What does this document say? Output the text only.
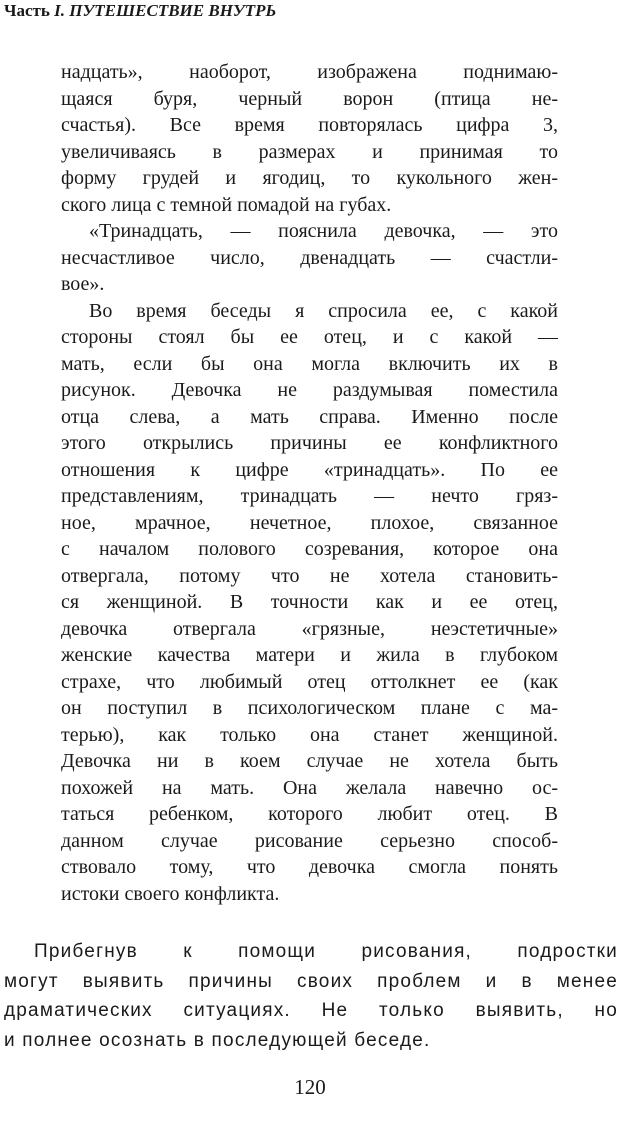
Часть I. ПУТЕШЕСТВИЕ ВНУТРЬ
надцать», наоборот, изображена поднимаю-
щаяся буря, черный ворон (птица не-
счастья). Все время повторялась цифра 3,
увеличиваясь в размерах и принимая то
форму грудей и ягодиц, то кукольного жен-
ского лица с темной помадой на губах.
«Тринадцать, — пояснила девочка, — это
несчастливое число, двенадцать — счастли-
вое».
Во время беседы я спросила ее, с какой
стороны стоял бы ее отец, и с какой —
мать, если бы она могла включить их в
рисунок. Девочка не раздумывая поместила
отца слева, а мать справа. Именно после
этого открылись причины ее конфликтного
отношения к цифре «тринадцать». По ее
представлениям, тринадцать — нечто гряз-
ное, мрачное, нечетное, плохое, связанное
с началом полового созревания, которое она
отвергала, потому что не хотела становить-
ся женщиной. В точности как и ее отец,
девочка отвергала «грязные, неэстетичные»
женские качества матери и жила в глубоком
страхе, что любимый отец оттолкнет ее (как
он поступил в психологическом плане с ма-
терью), как только она станет женщиной.
Девочка ни в коем случае не хотела быть
похожей на мать. Она желала навечно ос-
таться ребенком, которого любит отец. В
данном случае рисование серьезно способ-
ствовало тому, что девочка смогла понять
истоки своего конфликта.
Прибегнув к помощи рисования, подростки
могут выявить причины своих проблем и в менее
драматических ситуациях. Не только выявить, но
и полнее осознать в последующей беседе.
120
